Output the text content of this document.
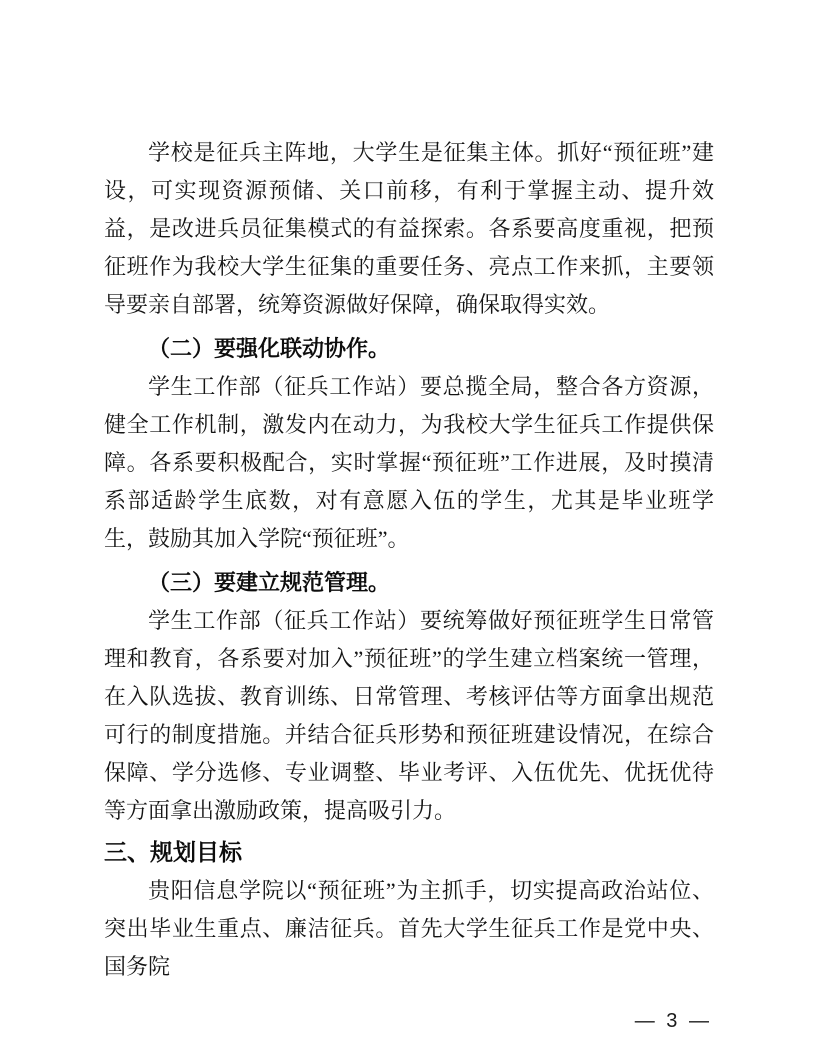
学校是征兵主阵地，大学生是征集主体。抓好“预征班”建设，可实现资源预储、关口前移，有利于掌握主动、提升效益，是改进兵员征集模式的有益探索。各系要高度重视，把预征班作为我校大学生征集的重要任务、亮点工作来抓，主要领导要亲自部署，统筹资源做好保障，确保取得实效。

（二）要强化联动协作。

学生工作部（征兵工作站）要总揽全局，整合各方资源，健全工作机制，激发内在动力，为我校大学生征兵工作提供保障。各系要积极配合，实时掌握“预征班”工作进展，及时摸清系部适龄学生底数，对有意愿入伍的学生，尤其是毕业班学生，鼓励其加入学院“预征班”。

（三）要建立规范管理。

学生工作部（征兵工作站）要统筹做好预征班学生日常管理和教育，各系要对加入”预征班”的学生建立档案统一管理，在入队选拔、教育训练、日常管理、考核评估等方面拿出规范可行的制度措施。并结合征兵形势和预征班建设情况，在综合保障、学分选修、专业调整、毕业考评、入伍优先、优抚优待等方面拿出激励政策，提高吸引力。

三、规划目标

贵阳信息学院以“预征班”为主抓手，切实提高政治站位、突出毕业生重点、廉洁征兵。首先大学生征兵工作是党中央、国务院

— 3 —
